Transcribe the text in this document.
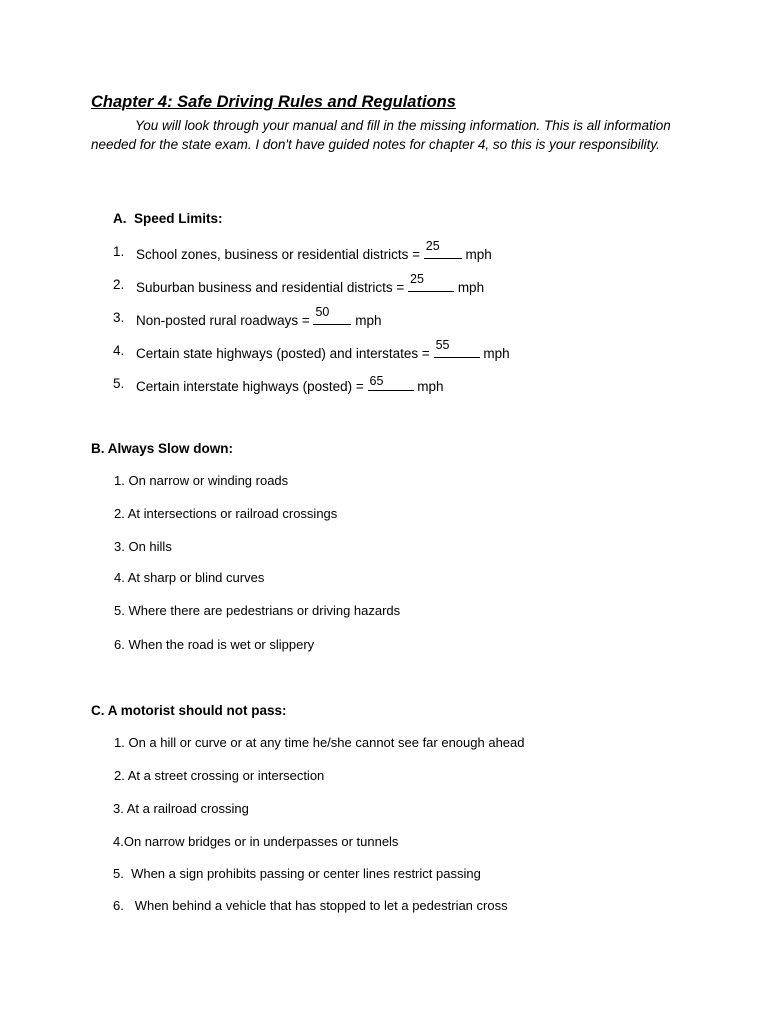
Chapter 4: Safe Driving Rules and Regulations
You will look through your manual and fill in the missing information. This is all information needed for the state exam. I don't have guided notes for chapter 4, so this is your responsibility.
A. Speed Limits:
1. School zones, business or residential districts =
25
mph
2. Suburban business and residential districts =
25
mph
3. Non-posted rural roadways =
50
mph
4. Certain state highways (posted) and interstates =
55
mph
5. Certain interstate highways (posted) = 65	mph
B. Always Slow down:
1. On narrow or winding roads
2. At intersections or railroad crossings
3. On hills
4. At sharp or blind curves
5. Where there are pedestrians or driving hazards
6. When the road is wet or slippery
C. A motorist should not pass:
1. On a hill or curve or at any time he/she cannot see far enough ahead
2. At a street crossing or intersection
3. At a railroad crossing
4.On narrow bridges or in underpasses or tunnels
5. When a sign prohibits passing or center lines restrict passing
6. When behind a vehicle that has stopped to let a pedestrian cross
